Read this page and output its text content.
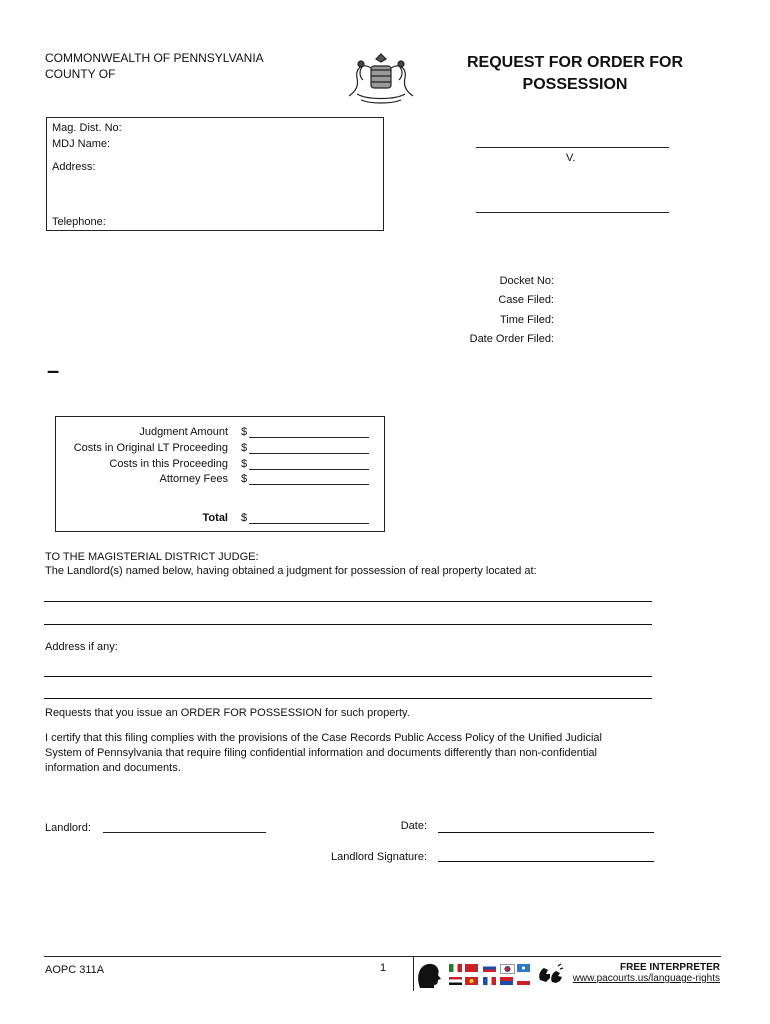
COMMONWEALTH OF PENNSYLVANIA
COUNTY OF
REQUEST FOR ORDER FOR
POSSESSION
Mag. Dist. No:
MDJ Name:
Address:
Telephone:
V.
Docket No:
Case Filed:
Time Filed:
Date Order Filed:
–
Judgment Amount $
Costs in Original LT Proceeding $
Costs in this Proceeding $
Attorney Fees $
Total $
TO THE MAGISTERIAL DISTRICT JUDGE:
The Landlord(s) named below, having obtained a judgment for possession of real property located at:
Address if any:
Requests that you issue an ORDER FOR POSSESSION for such property.
I certify that this filing complies with the provisions of the Case Records Public Access Policy of the Unified Judicial System of Pennsylvania that require filing confidential information and documents differently than non-confidential information and documents.
Landlord:	Date:
Landlord Signature:
AOPC 311A	1	FREE INTERPRETER
www.pacourts.us/language-rights
